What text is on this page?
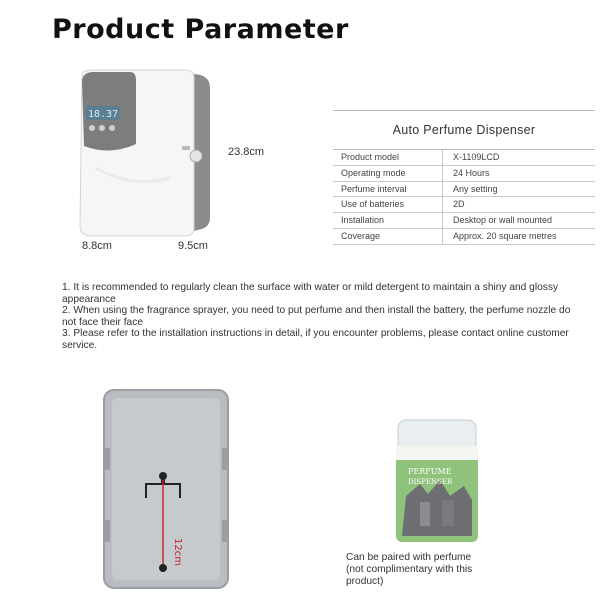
Product Parameter
18.37
23.8cm
8.8cm	9.5cm
Auto Perfume Dispenser
Product model	X-1109LCD
Operating mode	24 Hours
Perfume interval	Any setting
Use of batteries	2D
Installation	Desktop or wall mounted
Coverage	Approx. 20 square metres

1. It is recommended to regularly clean the surface with water or mild detergent to maintain a shiny and glossy appearance

2. When using the fragrance sprayer, you need to put perfume and then install the battery, the perfume nozzle do not face their face

3. Please refer to the installation instructions in detail, if you encounter problems, please contact online customer service.

12cm
PERFUME
DISPENSER

Can be paired with perfume

(not complimentary with this

product)
